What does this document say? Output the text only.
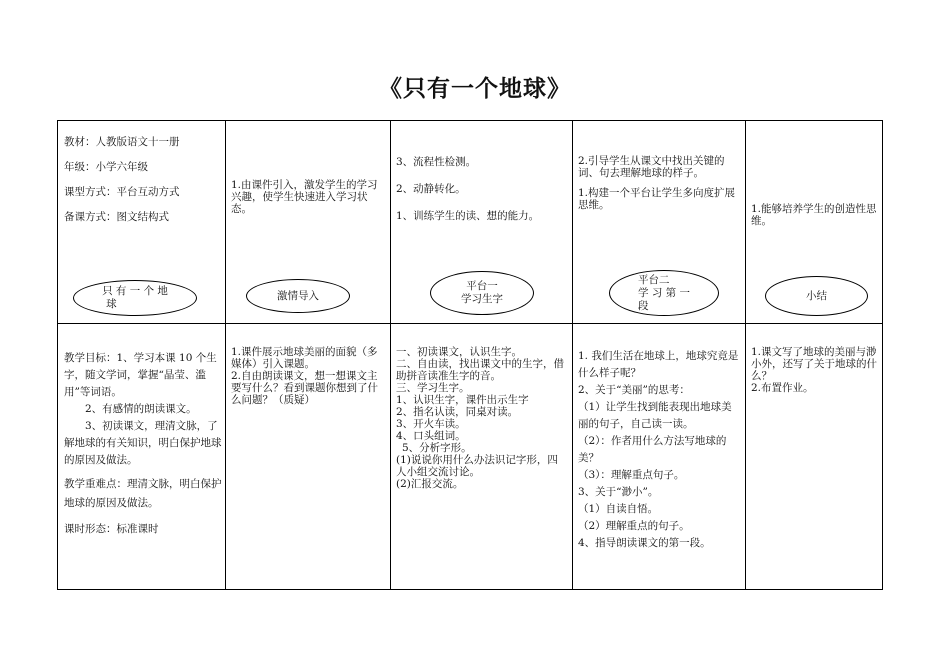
《只有一个地球》

教材：人教版语文十一册

年级：小学六年级

课型方式：平台互动方式

备课方式：图文结构式

1.由课件引入，激发学生的学习兴趣，使学生快速进入学习状态。

3、流程性检测。

2、动静转化。

1、训练学生的读、想的能力。

2.引导学生从课文中找出关键的词、句去理解地球的样子。

1.构建一个平台让学生多向度扩展思维。	1.能够培养学生的创造性思维。

只 有 一 个 地
球
激情导入
平台一
学习生字
平台二
学 习 第 一
段
小结

教学目标：1、学习本课 10 个生字，随文学词，掌握“晶莹、滥用”等词语。

2、有感情的朗读课文。

3、初读课文，理清文脉，了解地球的有关知识，明白保护地球的原因及做法。

教学重难点：理清文脉，明白保护地球的原因及做法。

课时形态：标准课时

1.课件展示地球美丽的面貌（多媒体）引入课题。

2.自由朗读课文，想一想课文主要写什么？看到课题你想到了什么问题？（质疑）

一、初读课文，认识生字。

二、自由读，找出课文中的生字，借助拼音读准生字的音。

三、学习生字。

1、认识生字，课件出示生字

2、指名认读，同桌对读。

3、开火车读。

4、口头组词。

5、分析字形。

(1)说说你用什么办法识记字形，四人小组交流讨论。

(2)汇报交流。

1. 我们生活在地球上，地球究竟是什么样子呢？

2、关于“美丽”的思考：

（1）让学生找到能表现出地球美丽的句子，自己读一读。

（2）：作者用什么方法写地球的美？

（3）：理解重点句子。

3、关于“渺小”。

（1）自读自悟。

（2）理解重点的句子。

4、指导朗读课文的第一段。

1.课文写了地球的美丽与渺小外，还写了关于地球的什么？

2.布置作业。
